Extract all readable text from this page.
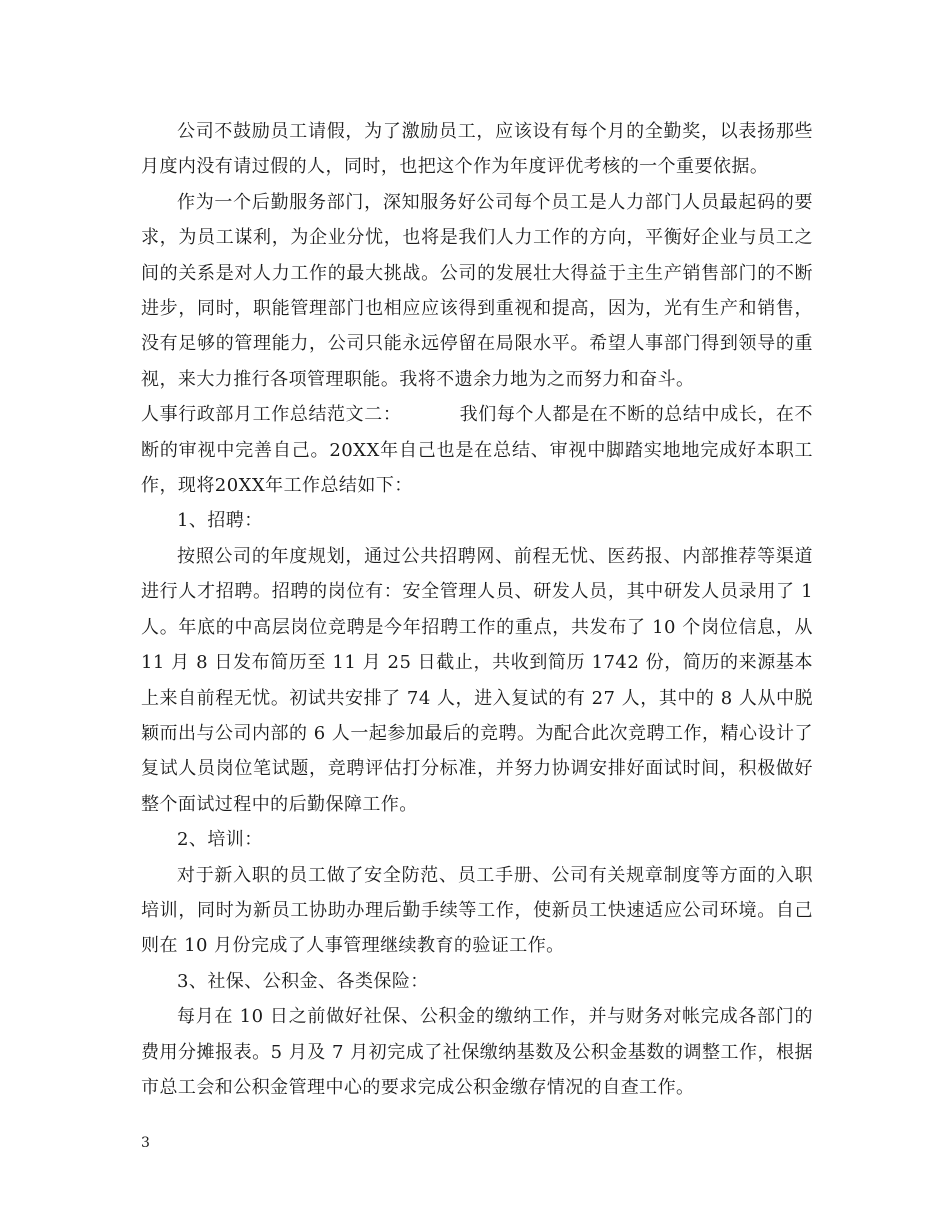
公司不鼓励员工请假，为了激励员工，应该设有每个月的全勤奖，以表扬那些月度内没有请过假的人，同时，也把这个作为年度评优考核的一个重要依据。

作为一个后勤服务部门，深知服务好公司每个员工是人力部门人员最起码的要求，为员工谋利，为企业分忧，也将是我们人力工作的方向，平衡好企业与员工之间的关系是对人力工作的最大挑战。公司的发展壮大得益于主生产销售部门的不断进步，同时，职能管理部门也相应应该得到重视和提高，因为，光有生产和销售，没有足够的管理能力，公司只能永远停留在局限水平。希望人事部门得到领导的重视，来大力推行各项管理职能。我将不遗余力地为之而努力和奋斗。

人事行政部月工作总结范文二：	我们每个人都是在不断的总结中成长，在不断的审视中完善自己。20XX年自己也是在总结、审视中脚踏实地地完成好本职工作，现将20XX年工作总结如下：

1、招聘：

按照公司的年度规划，通过公共招聘网、前程无忧、医药报、内部推荐等渠道进行人才招聘。招聘的岗位有：安全管理人员、研发人员，其中研发人员录用了 1 人。年底的中高层岗位竞聘是今年招聘工作的重点，共发布了 10 个岗位信息，从 11 月 8 日发布简历至 11 月 25 日截止，共收到简历 1742 份，简历的来源基本上来自前程无忧。初试共安排了 74 人，进入复试的有 27 人，其中的 8 人从中脱颖而出与公司内部的 6 人一起参加最后的竞聘。为配合此次竞聘工作，精心设计了复试人员岗位笔试题，竞聘评估打分标准，并努力协调安排好面试时间，积极做好整个面试过程中的后勤保障工作。

2、培训：

对于新入职的员工做了安全防范、员工手册、公司有关规章制度等方面的入职培训，同时为新员工协助办理后勤手续等工作，使新员工快速适应公司环境。自己则在 10 月份完成了人事管理继续教育的验证工作。

3、社保、公积金、各类保险：

每月在 10 日之前做好社保、公积金的缴纳工作，并与财务对帐完成各部门的费用分摊报表。5 月及 7 月初完成了社保缴纳基数及公积金基数的调整工作，根据市总工会和公积金管理中心的要求完成公积金缴存情况的自查工作。

3
